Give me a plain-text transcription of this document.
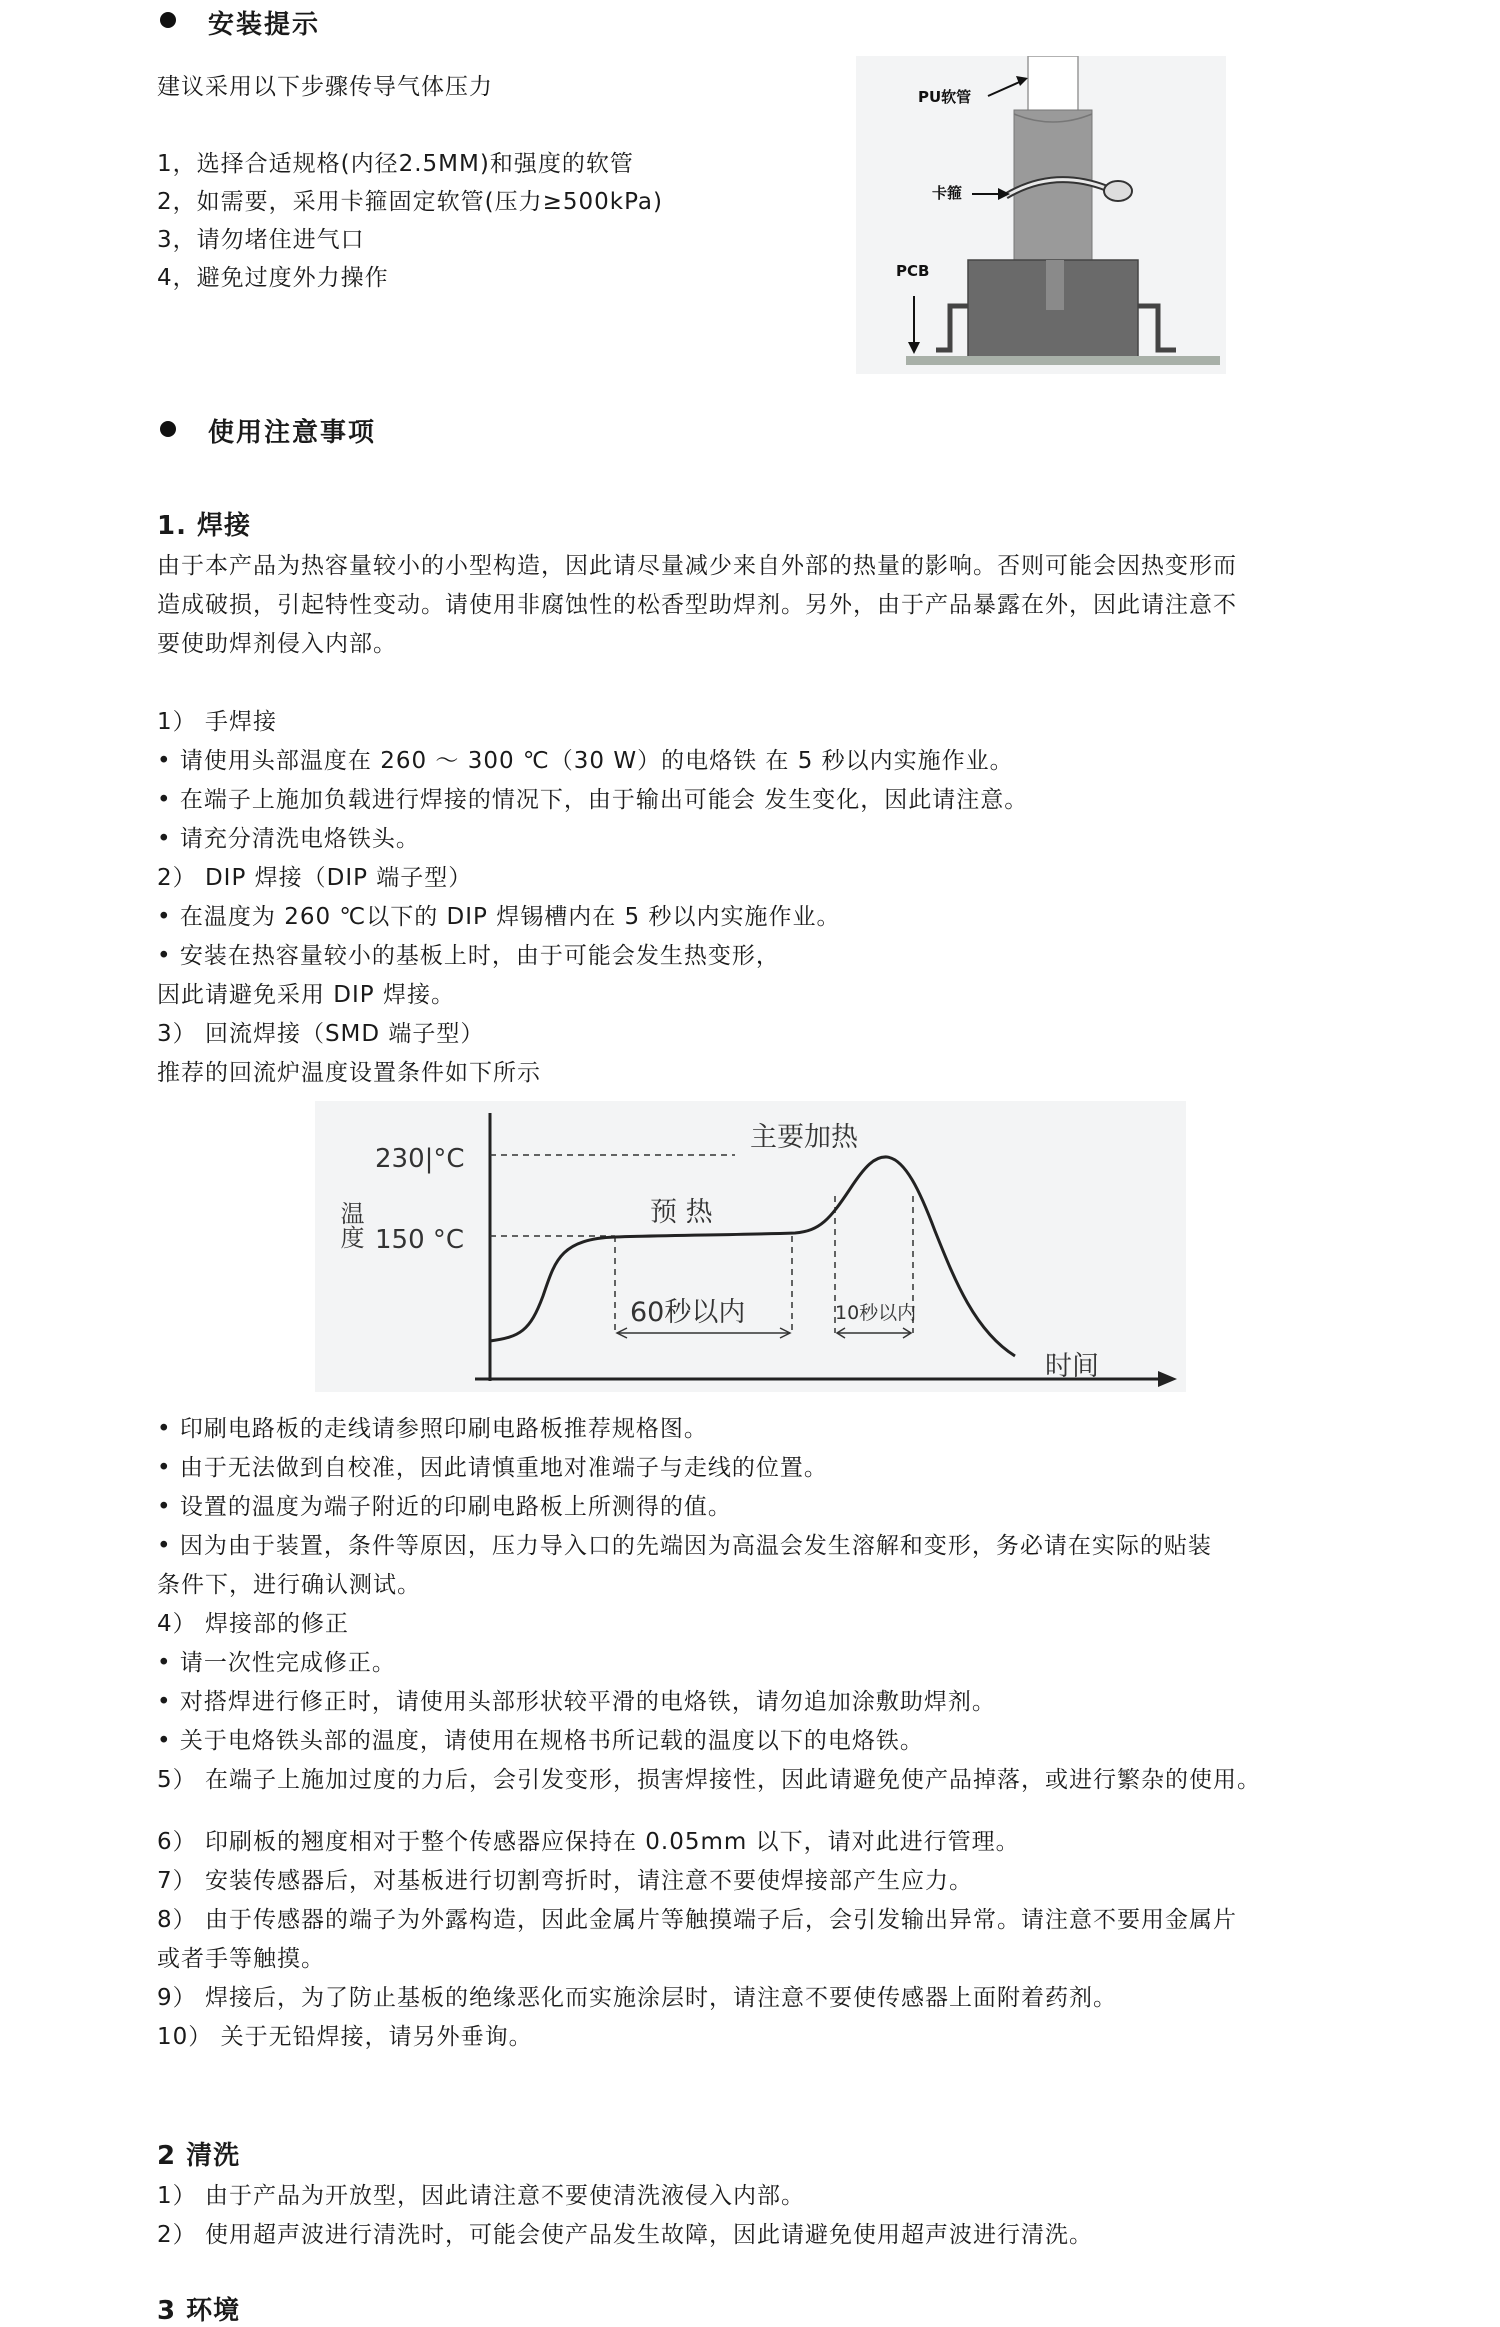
安装提示
建议采用以下步骤传导气体压力
1，选择合适规格(内径2.5MM)和强度的软管
2，如需要，采用卡箍固定软管(压力≥500kPa)
3，请勿堵住进气口
4，避免过度外力操作
PU软管
卡箍
PCB
使用注意事项
1. 焊接
由于本产品为热容量较小的小型构造，因此请尽量减少来自外部的热量的影响。否则可能会因热变形而
造成破损，引起特性变动。请使用非腐蚀性的松香型助焊剂。另外，由于产品暴露在外，因此请注意不
要使助焊剂侵入内部。
1） 手焊接
• 请使用头部温度在 260 ～ 300 ℃（30 W）的电烙铁 在 5 秒以内实施作业。
• 在端子上施加负载进行焊接的情况下，由于输出可能会 发生变化，因此请注意。
• 请充分清洗电烙铁头。
2） DIP 焊接（DIP 端子型）
• 在温度为 260 ℃以下的 DIP 焊锡槽内在 5 秒以内实施作业。
• 安装在热容量较小的基板上时，由于可能会发生热变形，
因此请避免采用 DIP 焊接。
3） 回流焊接（SMD 端子型）
推荐的回流炉温度设置条件如下所示
230|°C
150 °C
温度
主要加热
预 热
60秒以内	10秒以内
时间
• 印刷电路板的走线请参照印刷电路板推荐规格图。
• 由于无法做到自校准，因此请慎重地对准端子与走线的位置。
• 设置的温度为端子附近的印刷电路板上所测得的值。
• 因为由于装置，条件等原因，压力导入口的先端因为高温会发生溶解和变形，务必请在实际的贴装
条件下，进行确认测试。
4） 焊接部的修正
• 请一次性完成修正。
• 对搭焊进行修正时，请使用头部形状较平滑的电烙铁，请勿追加涂敷助焊剂。
• 关于电烙铁头部的温度，请使用在规格书所记载的温度以下的电烙铁。
5） 在端子上施加过度的力后，会引发变形，损害焊接性，因此请避免使产品掉落，或进行繁杂的使用。
6） 印刷板的翘度相对于整个传感器应保持在 0.05mm 以下，请对此进行管理。
7） 安装传感器后，对基板进行切割弯折时，请注意不要使焊接部产生应力。
8） 由于传感器的端子为外露构造，因此金属片等触摸端子后，会引发输出异常。请注意不要用金属片
或者手等触摸。
9） 焊接后，为了防止基板的绝缘恶化而实施涂层时，请注意不要使传感器上面附着药剂。
10） 关于无铅焊接，请另外垂询。
2 清洗
1） 由于产品为开放型，因此请注意不要使清洗液侵入内部。
2） 使用超声波进行清洗时，可能会使产品发生故障，因此请避免使用超声波进行清洗。
3 环境
